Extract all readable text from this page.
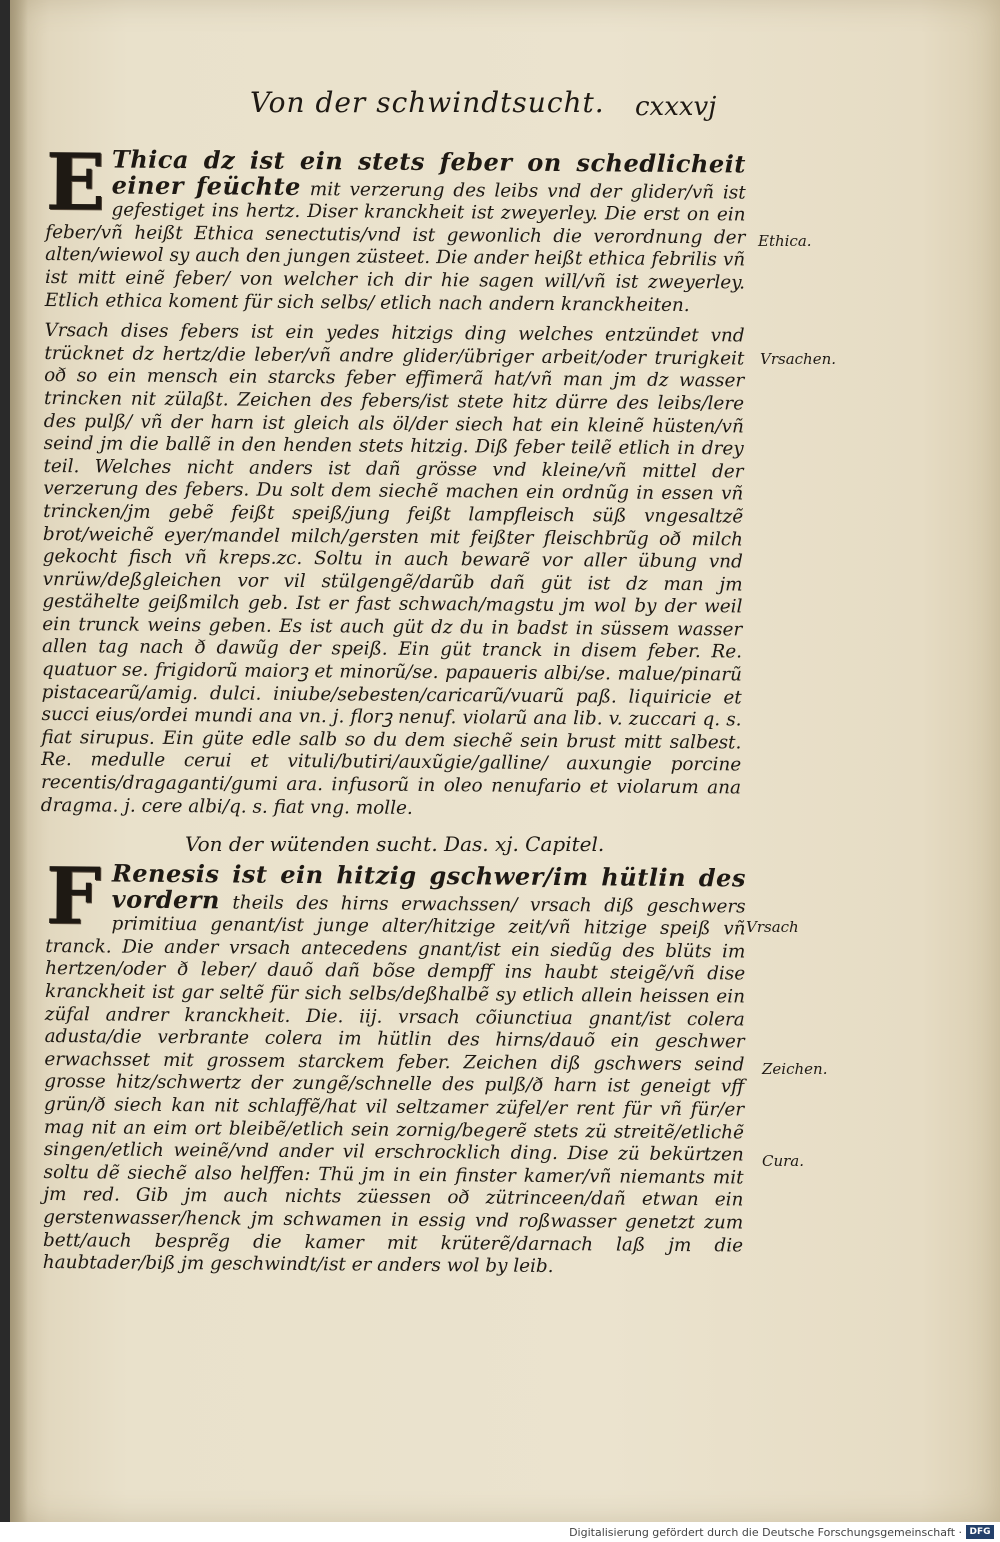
Von der schwindtsucht. cxxxvj
E Thica dz ist ein stets feber on schedlicheit einer feüchte mit verzerung des leibs vnd der glider/vñ ist gefestiget ins hertz. Diser kranckheit ist zweyerley. Die erst on ein feber/vñ heißt Ethica senectutis/vnd ist gewonlich die verordnung der alten/wiewol sy auch den jungen züsteet. Die ander heißt ethica febrilis vñ ist mitt einẽ feber/ von welcher ich dir hie sagen will/vñ ist zweyerley. Etlich ethica koment für sich selbs/ etlich nach andern kranckheiten.

Vrsach dises febers ist ein yedes hitzigs ding welches entzündet vnd trücknet dz hertz/die leber/vñ andre glider/übriger arbeit/oder trurigkeit oð so ein mensch ein starcks feber effimerã hat/vñ man jm dz wasser trincken nit zülaßt. Zeichen des febers/ist stete hitz dürre des leibs/lere des pulß/ vñ der harn ist gleich als öl/der siech hat ein kleinẽ hüsten/vñ seind jm die ballẽ in den henden stets hitzig. Diß feber teilẽ etlich in drey teil. Welches nicht anders ist dañ grösse vnd kleine/vñ mittel der verzerung des febers. Du solt dem siechẽ machen ein ordnũg in essen vñ trincken/jm gebẽ feißt speiß/jung feißt lampfleisch süß vngesaltzẽ brot/weichẽ eyer/mandel milch/gersten mit feißter fleischbrũg oð milch gekocht fisch vñ kreps.zc. Soltu in auch bewarẽ vor aller übung vnd vnrüw/deßgleichen vor vil stülgengẽ/darũb dañ güt ist dz man jm gestähelte geißmilch geb. Ist er fast schwach/magstu jm wol by der weil ein trunck weins geben. Es ist auch güt dz du in badst in süssem wasser allen tag nach ð dawũg der speiß. Ein güt tranck in disem feber. Re. quatuor se. frigidorũ maiorꝫ et minorũ/se. papaueris albi/se. malue/pinarũ pistacearũ/amig. dulci. iniube/sebesten/caricarũ/vuarũ paß. liquiricie et succi eius/ordei mundi ana vn. j. florꝫ nenuf. violarũ ana lib. v. zuccari q. s. fiat sirupus. Ein güte edle salb so du dem siechẽ sein brust mitt salbest. Re. medulle cerui et vituli/butiri/auxũgie/galline/ auxungie porcine recentis/dragaganti/gumi ara. infusorũ in oleo nenufario et violarum ana dragma. j. cere albi/q. s. fiat vng. molle.

Von der wütenden sucht. Das. xj. Capitel.
F Renesis ist ein hitzig gschwer/im hütlin des vordern theils des hirns erwachssen/ vrsach diß geschwers primitiua genant/ist junge alter/hitzige zeit/vñ hitzige speiß vñ tranck. Die ander vrsach antecedens gnant/ist ein siedũg des blüts im hertzen/oder ð leber/ dauõ dañ bõse dempff ins haubt steigẽ/vñ dise kranckheit ist gar seltẽ für sich selbs/deßhalbẽ sy etlich allein heissen ein züfal andrer kranckheit. Die. iij. vrsach cõiunctiua gnant/ist colera adusta/die verbrante colera im hütlin des hirns/dauõ ein geschwer erwachsset mit grossem starckem feber. Zeichen diß gschwers seind grosse hitz/schwertz der zungẽ/schnelle des pulß/ð harn ist geneigt vff grün/ð siech kan nit schlaffẽ/hat vil seltzamer züfel/er rent für vñ für/er mag nit an eim ort bleibẽ/etlich sein zornig/begerẽ stets zü streitẽ/etlichẽ singen/etlich weinẽ/vnd ander vil erschrocklich ding. Dise zü bekürtzen soltu dẽ siechẽ also helffen: Thü jm in ein finster kamer/vñ niemants mit jm red. Gib jm auch nichts züessen oð zütrinceen/dañ etwan ein gerstenwasser/henck jm schwamen in essig vnd roßwasser genetzt zum bett/auch besprẽg die kamer mit krüterẽ/darnach laß jm die haubtader/biß jm geschwindt/ist er anders wol by leib.

Ethica.
Vrsachen.
Vrsach
Zeichen.
Cura.
Digitalisierung gefördert durch die Deutsche Forschungsgemeinschaft · DFG
